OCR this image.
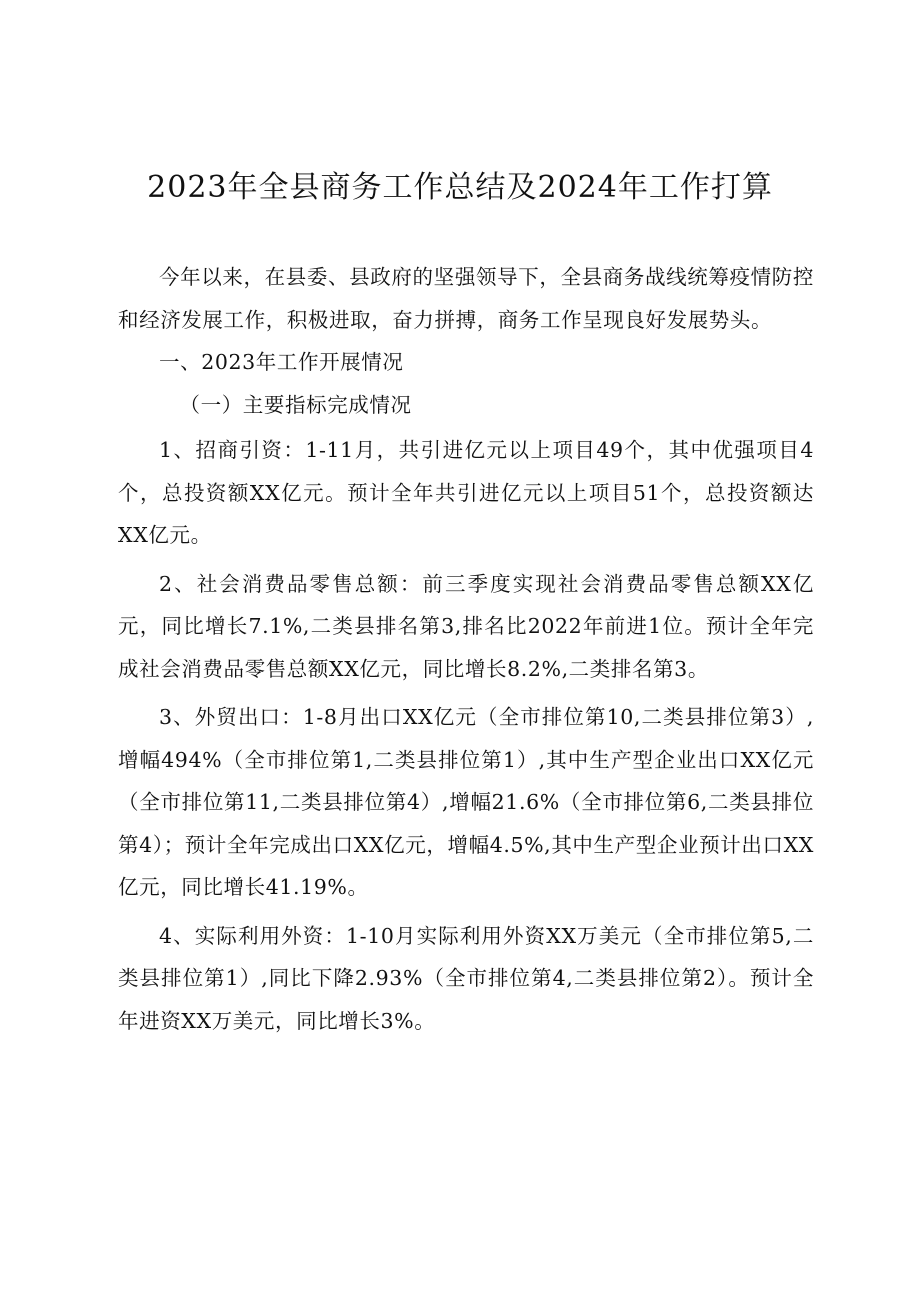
2023年全县商务工作总结及2024年工作打算

今年以来，在县委、县政府的坚强领导下，全县商务战线统筹疫情防控和经济发展工作，积极进取，奋力拼搏，商务工作呈现良好发展势头。

一、2023年工作开展情况

（一）主要指标完成情况

1、招商引资：1-11月，共引进亿元以上项目49个，其中优强项目4个，总投资额XX亿元。预计全年共引进亿元以上项目51个，总投资额达XX亿元。

2、社会消费品零售总额：前三季度实现社会消费品零售总额XX亿元，同比增长7.1%,二类县排名第3,排名比2022年前进1位。预计全年完成社会消费品零售总额XX亿元，同比增长8.2%,二类排名第3。

3、外贸出口：1-8月出口XX亿元（全市排位第10,二类县排位第3）,增幅494%（全市排位第1,二类县排位第1）,其中生产型企业出口XX亿元（全市排位第11,二类县排位第4）,增幅21.6%（全市排位第6,二类县排位第4）；预计全年完成出口XX亿元，增幅4.5%,其中生产型企业预计出口XX亿元，同比增长41.19%。

4、实际利用外资：1-10月实际利用外资XX万美元（全市排位第5,二类县排位第1）,同比下降2.93%（全市排位第4,二类县排位第2）。预计全年进资XX万美元，同比增长3%。
